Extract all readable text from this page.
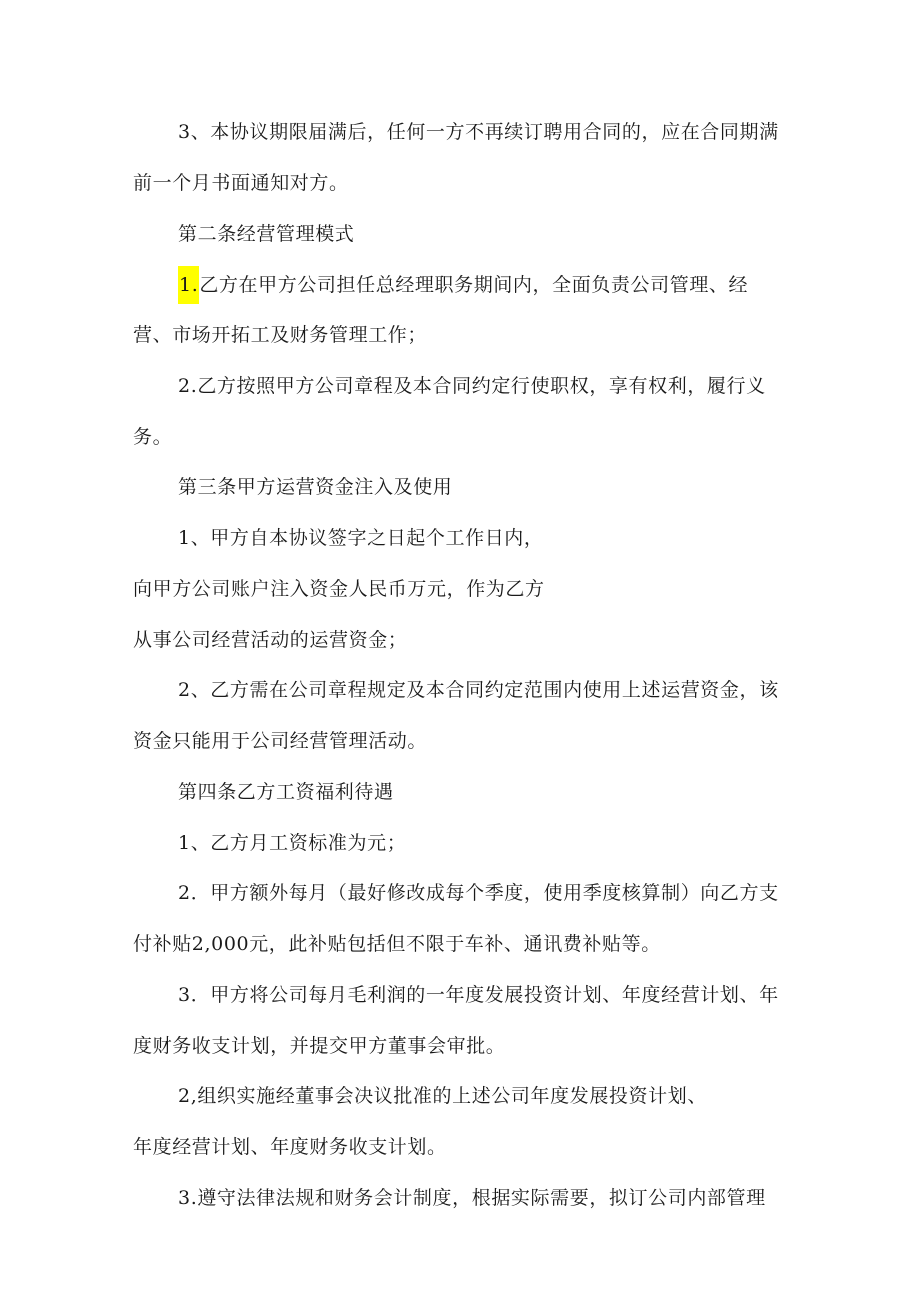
3、本协议期限届满后，任何一方不再续订聘用合同的，应在合同期满
前一个月书面通知对方。
第二条经营管理模式
1.乙方在甲方公司担任总经理职务期间内，全面负责公司管理、经
营、市场开拓工及财务管理工作；
2.乙方按照甲方公司章程及本合同约定行使职权，享有权利，履行义
务。
第三条甲方运营资金注入及使用
1、甲方自本协议签字之日起个工作日内，
向甲方公司账户注入资金人民币万元，作为乙方
从事公司经营活动的运营资金；
2、乙方需在公司章程规定及本合同约定范围内使用上述运营资金，该
资金只能用于公司经营管理活动。
第四条乙方工资福利待遇
1、乙方月工资标准为元；
2．甲方额外每月（最好修改成每个季度，使用季度核算制）向乙方支
付补贴2,000元，此补贴包括但不限于车补、通讯费补贴等。
3．甲方将公司每月毛利润的一年度发展投资计划、年度经营计划、年
度财务收支计划，并提交甲方董事会审批。
2,组织实施经董事会决议批准的上述公司年度发展投资计划、
年度经营计划、年度财务收支计划。
3.遵守法律法规和财务会计制度，根据实际需要，拟订公司内部管理
